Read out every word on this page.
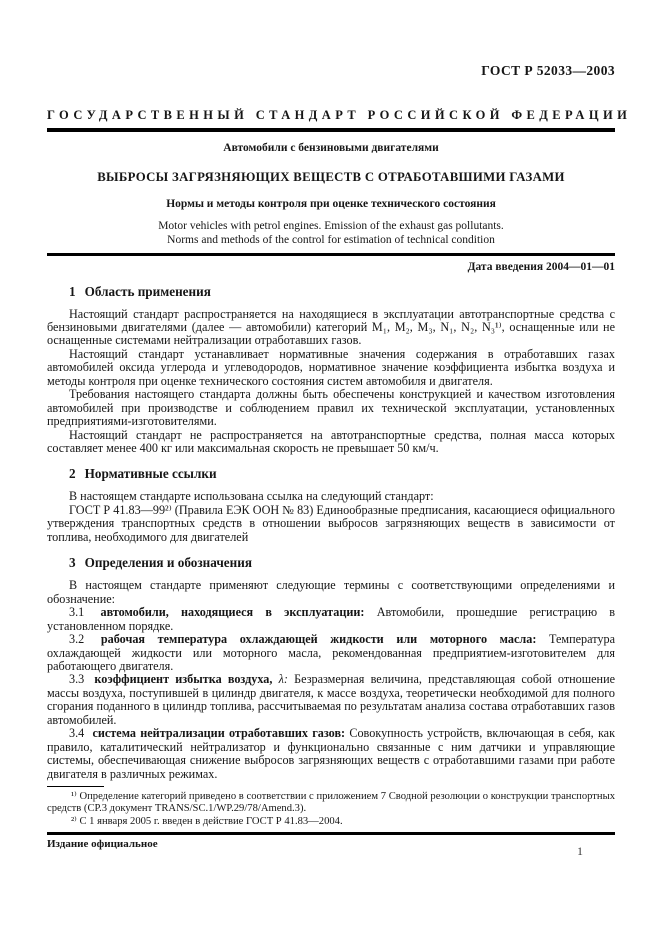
ГОСТ Р 52033—2003
ГОСУДАРСТВЕННЫЙ СТАНДАРТ РОССИЙСКОЙ ФЕДЕРАЦИИ
Автомобили с бензиновыми двигателями
ВЫБРОСЫ ЗАГРЯЗНЯЮЩИХ ВЕЩЕСТВ С ОТРАБОТАВШИМИ ГАЗАМИ
Нормы и методы контроля при оценке технического состояния
Motor vehicles with petrol engines. Emission of the exhaust gas pollutants.
Norms and methods of the control for estimation of technical condition
Дата введения 2004—01—01
1 Область применения

Настоящий стандарт распространяется на находящиеся в эксплуатации автотранспортные средства с бензиновыми двигателями (далее — автомобили) категорий M₁, M₂, M₃, N₁, N₂, N₃¹⁾, оснащенные или не оснащенные системами нейтрализации отработавших газов.

Настоящий стандарт устанавливает нормативные значения содержания в отработавших газах автомобилей оксида углерода и углеводородов, нормативное значение коэффициента избытка воздуха и методы контроля при оценке технического состояния систем автомобиля и двигателя.

Требования настоящего стандарта должны быть обеспечены конструкцией и качеством изготовления автомобилей при производстве и соблюдением правил их технической эксплуатации, установленных предприятиями-изготовителями.

Настоящий стандарт не распространяется на автотранспортные средства, полная масса которых составляет менее 400 кг или максимальная скорость не превышает 50 км/ч.

2 Нормативные ссылки

В настоящем стандарте использована ссылка на следующий стандарт:

ГОСТ Р 41.83—99²⁾ (Правила ЕЭК ООН № 83) Единообразные предписания, касающиеся официального утверждения транспортных средств в отношении выбросов загрязняющих веществ в зависимости от топлива, необходимого для двигателей

3 Определения и обозначения

В настоящем стандарте применяют следующие термины с соответствующими определениями и обозначение:

3.1 автомобили, находящиеся в эксплуатации: Автомобили, прошедшие регистрацию в установленном порядке.

3.2 рабочая температура охлаждающей жидкости или моторного масла: Температура охлаждающей жидкости или моторного масла, рекомендованная предприятием-изготовителем для работающего двигателя.

3.3 коэффициент избытка воздуха, λ: Безразмерная величина, представляющая собой отношение массы воздуха, поступившей в цилиндр двигателя, к массе воздуха, теоретически необходимой для полного сгорания поданного в цилиндр топлива, рассчитываемая по результатам анализа состава отработавших газов автомобилей.

3.4 система нейтрализации отработавших газов: Совокупность устройств, включающая в себя, как правило, каталитический нейтрализатор и функционально связанные с ним датчики и управляющие системы, обеспечивающая снижение выбросов загрязняющих веществ с отработавшими газами при работе двигателя в различных режимах.

¹⁾ Определение категорий приведено в соответствии с приложением 7 Сводной резолюции о конструкции транспортных средств (СР.3 документ TRANS/SC.1/WP.29/78/Amend.3).

²⁾ С 1 января 2005 г. введен в действие ГОСТ Р 41.83—2004.

Издание официальное	1
